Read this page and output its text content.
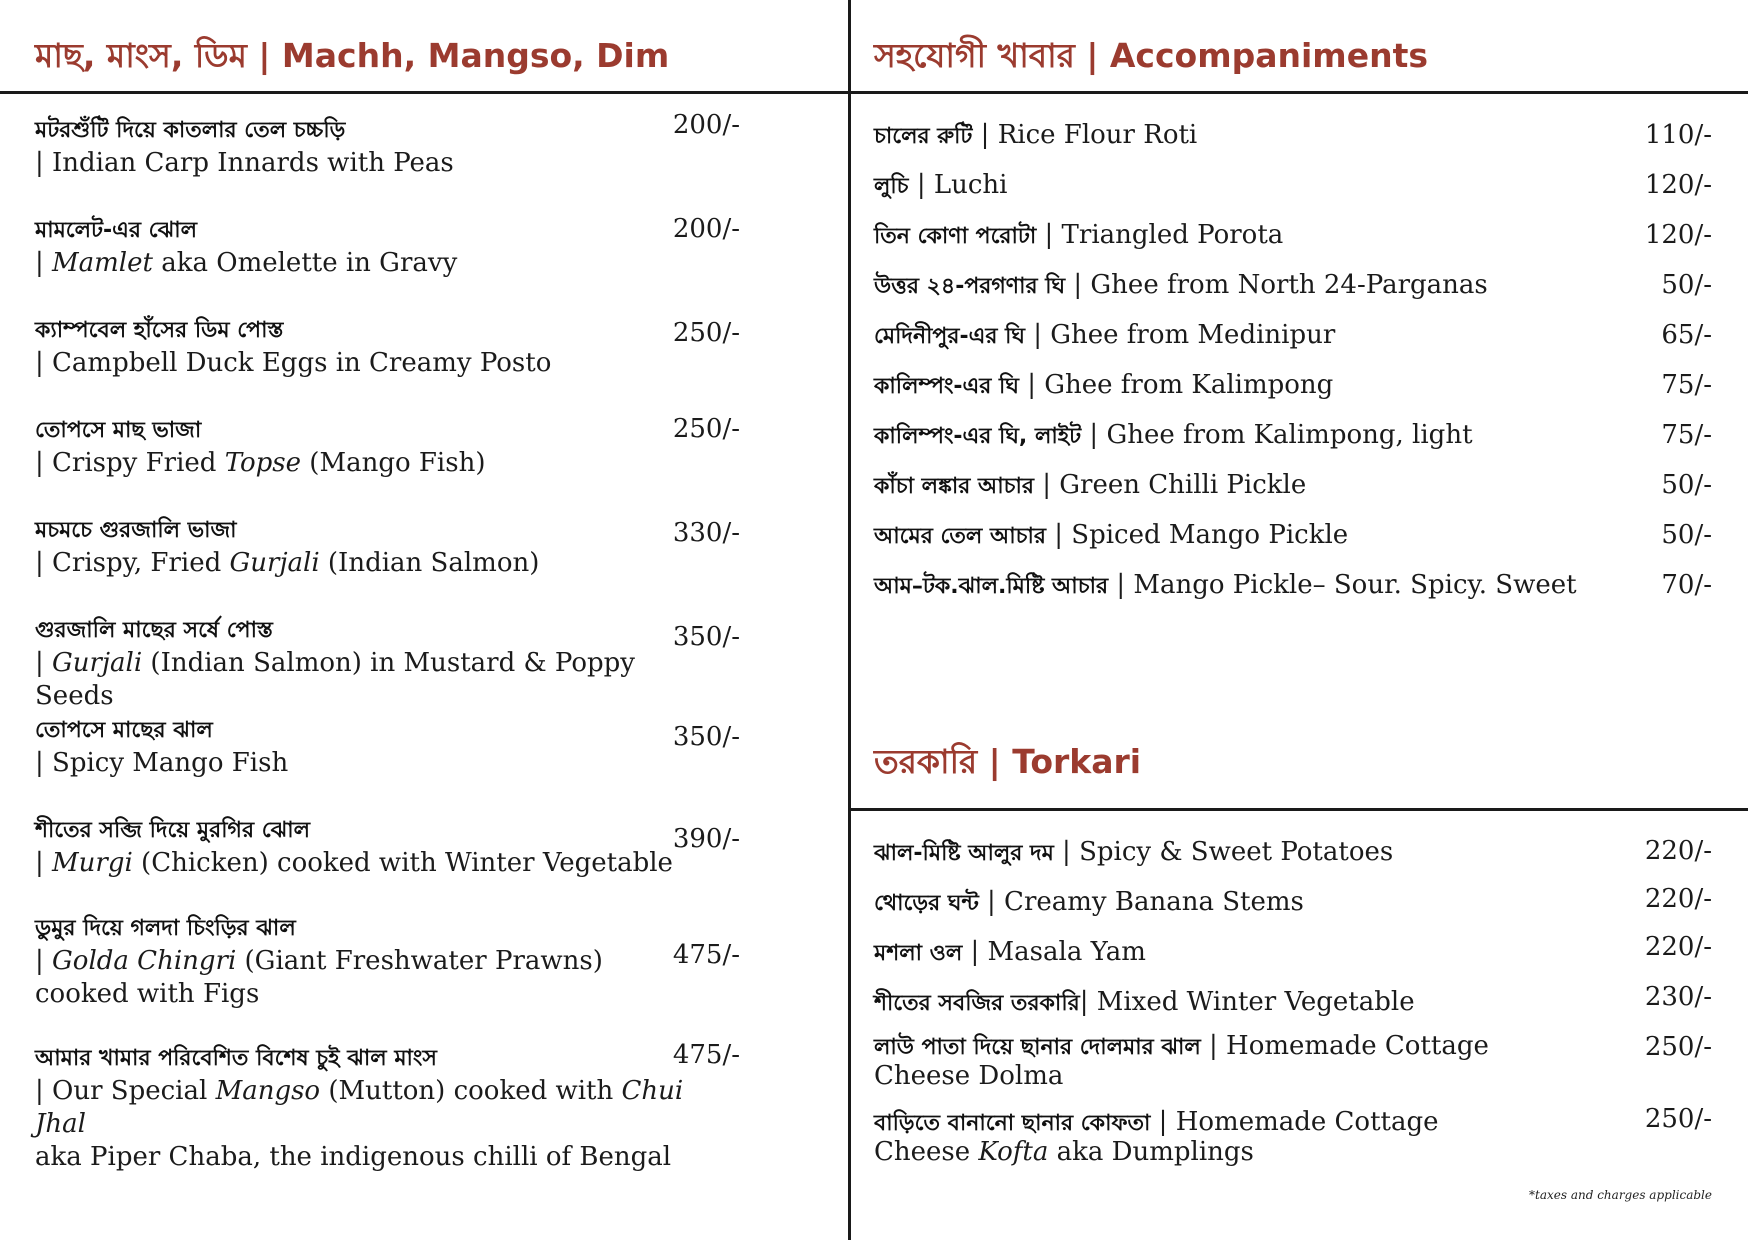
মাছ, মাংস, ডিম | Machh, Mangso, Dim
মটরশুঁটি দিয়ে কাতলার তেল চচ্চড়ি
| Indian Carp Innards with Peas
200/-
মামলেট-এর ঝোল
| Mamlet aka Omelette in Gravy
200/-
ক্যাম্পবেল হাঁসের ডিম পোস্ত
| Campbell Duck Eggs in Creamy Posto
250/-
তোপসে মাছ ভাজা
| Crispy Fried Topse (Mango Fish)
250/-
মচমচে গুরজালি ভাজা
| Crispy, Fried Gurjali (Indian Salmon)
330/-
গুরজালি মাছের সর্ষে পোস্ত
| Gurjali (Indian Salmon) in Mustard & Poppy Seeds
350/-
তোপসে মাছের ঝাল
| Spicy Mango Fish
350/-
শীতের সব্জি দিয়ে মুরগির ঝোল
| Murgi (Chicken) cooked with Winter Vegetable
390/-
ডুমুর দিয়ে গলদা চিংড়ির ঝাল
| Golda Chingri (Giant Freshwater Prawns)
cooked with Figs
475/-
আমার খামার পরিবেশিত বিশেষ চুই ঝাল মাংস
| Our Special Mangso (Mutton) cooked with Chui Jhal
aka Piper Chaba, the indigenous chilli of Bengal
475/-
সহযোগী খাবার | Accompaniments
চালের রুটি | Rice Flour Roti	110/-
লুচি | Luchi	120/-
তিন কোণা পরোটা | Triangled Porota	120/-
উত্তর ২৪-পরগণার ঘি | Ghee from North 24-Parganas	50/-
মেদিনীপুর-এর ঘি | Ghee from Medinipur	65/-
কালিম্পং-এর ঘি | Ghee from Kalimpong	75/-
কালিম্পং-এর ঘি, লাইট | Ghee from Kalimpong, light	75/-
কাঁচা লঙ্কার আচার | Green Chilli Pickle	50/-
আমের তেল আচার | Spiced Mango Pickle	50/-
আম–টক.ঝাল.মিষ্টি আচার | Mango Pickle– Sour. Spicy. Sweet	70/-
তরকারি | Torkari
ঝাল-মিষ্টি আলুর দম | Spicy & Sweet Potatoes	220/-
থোড়ের ঘন্ট | Creamy Banana Stems	220/-
মশলা ওল | Masala Yam	220/-
শীতের সবজির তরকারি| Mixed Winter Vegetable	230/-
লাউ পাতা দিয়ে ছানার দোলমার ঝাল | Homemade Cottage
Cheese Dolma
250/-
বাড়িতে বানানো ছানার কোফতা | Homemade Cottage
Cheese Kofta aka Dumplings
250/-
*taxes and charges applicable
